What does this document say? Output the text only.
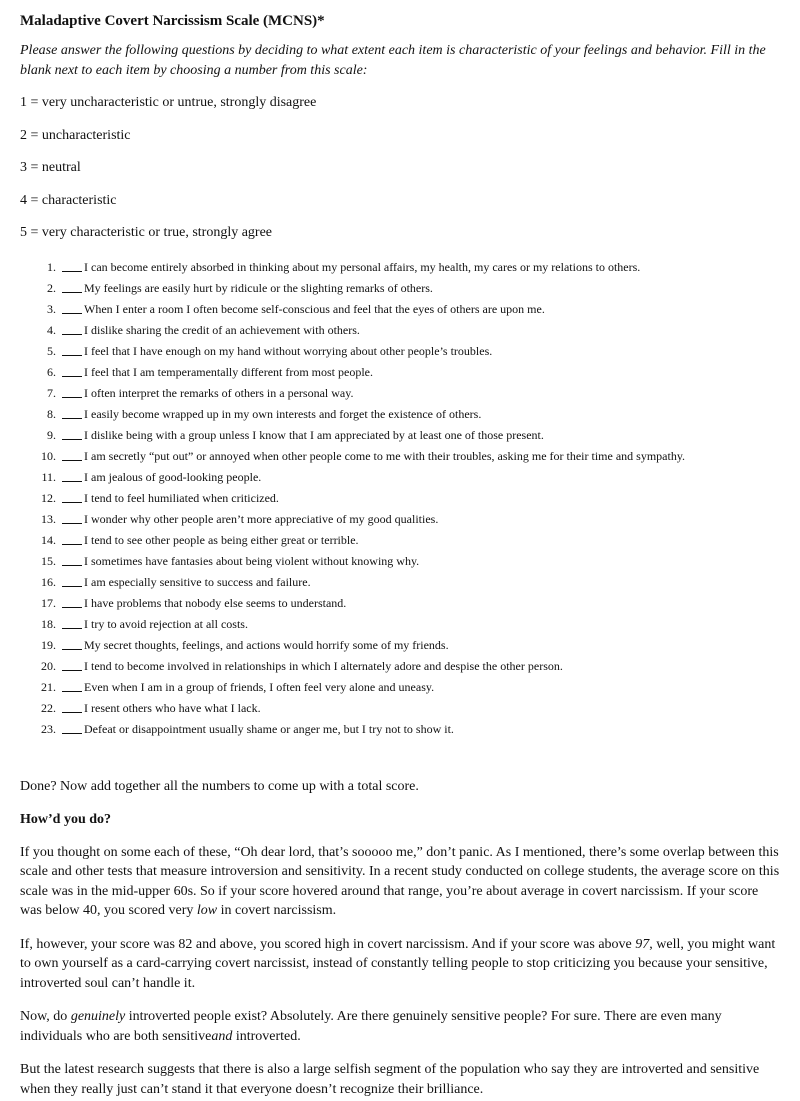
Maladaptive Covert Narcissism Scale (MCNS)*
Please answer the following questions by deciding to what extent each item is characteristic of your feelings and behavior. Fill in the blank next to each item by choosing a number from this scale:
1 = very uncharacteristic or untrue, strongly disagree
2 = uncharacteristic
3 = neutral
4 = characteristic
5 = very characteristic or true, strongly agree
1.	I can become entirely absorbed in thinking about my personal affairs, my health, my cares or my relations to others.
2.	My feelings are easily hurt by ridicule or the slighting remarks of others.
3.	When I enter a room I often become self-conscious and feel that the eyes of others are upon me.
4.	I dislike sharing the credit of an achievement with others.
5.	I feel that I have enough on my hand without worrying about other people’s troubles.
6.	I feel that I am temperamentally different from most people.
7.	I often interpret the remarks of others in a personal way.
8.	I easily become wrapped up in my own interests and forget the existence of others.
9.	I dislike being with a group unless I know that I am appreciated by at least one of those present.
10.	I am secretly “put out” or annoyed when other people come to me with their troubles, asking me for their time and sympathy.
11.	I am jealous of good-looking people.
12.	I tend to feel humiliated when criticized.
13.	I wonder why other people aren’t more appreciative of my good qualities.
14.	I tend to see other people as being either great or terrible.
15.	I sometimes have fantasies about being violent without knowing why.
16.	I am especially sensitive to success and failure.
17.	I have problems that nobody else seems to understand.
18.	I try to avoid rejection at all costs.
19.	My secret thoughts, feelings, and actions would horrify some of my friends.
20.	I tend to become involved in relationships in which I alternately adore and despise the other person.
21.	Even when I am in a group of friends, I often feel very alone and uneasy.
22.	I resent others who have what I lack.
23.	Defeat or disappointment usually shame or anger me, but I try not to show it.
Done? Now add together all the numbers to come up with a total score.
How’d you do?
If you thought on some each of these, “Oh dear lord, that’s sooooo me,” don’t panic. As I mentioned, there’s some overlap between this scale and other tests that measure introversion and sensitivity. In a recent study conducted on college students, the average score on this scale was in the mid-upper 60s. So if your score hovered around that range, you’re about average in covert narcissism. If your score was below 40, you scored very low in covert narcissism.
If, however, your score was 82 and above, you scored high in covert narcissism. And if your score was above 97, well, you might want to own yourself as a card-carrying covert narcissist, instead of constantly telling people to stop criticizing you because your sensitive, introverted soul can’t handle it.
Now, do genuinely introverted people exist? Absolutely. Are there genuinely sensitive people? For sure. There are even many individuals who are both sensitiveand introverted.
But the latest research suggests that there is also a large selfish segment of the population who say they are introverted and sensitive when they really just can’t stand it that everyone doesn’t recognize their brilliance.
